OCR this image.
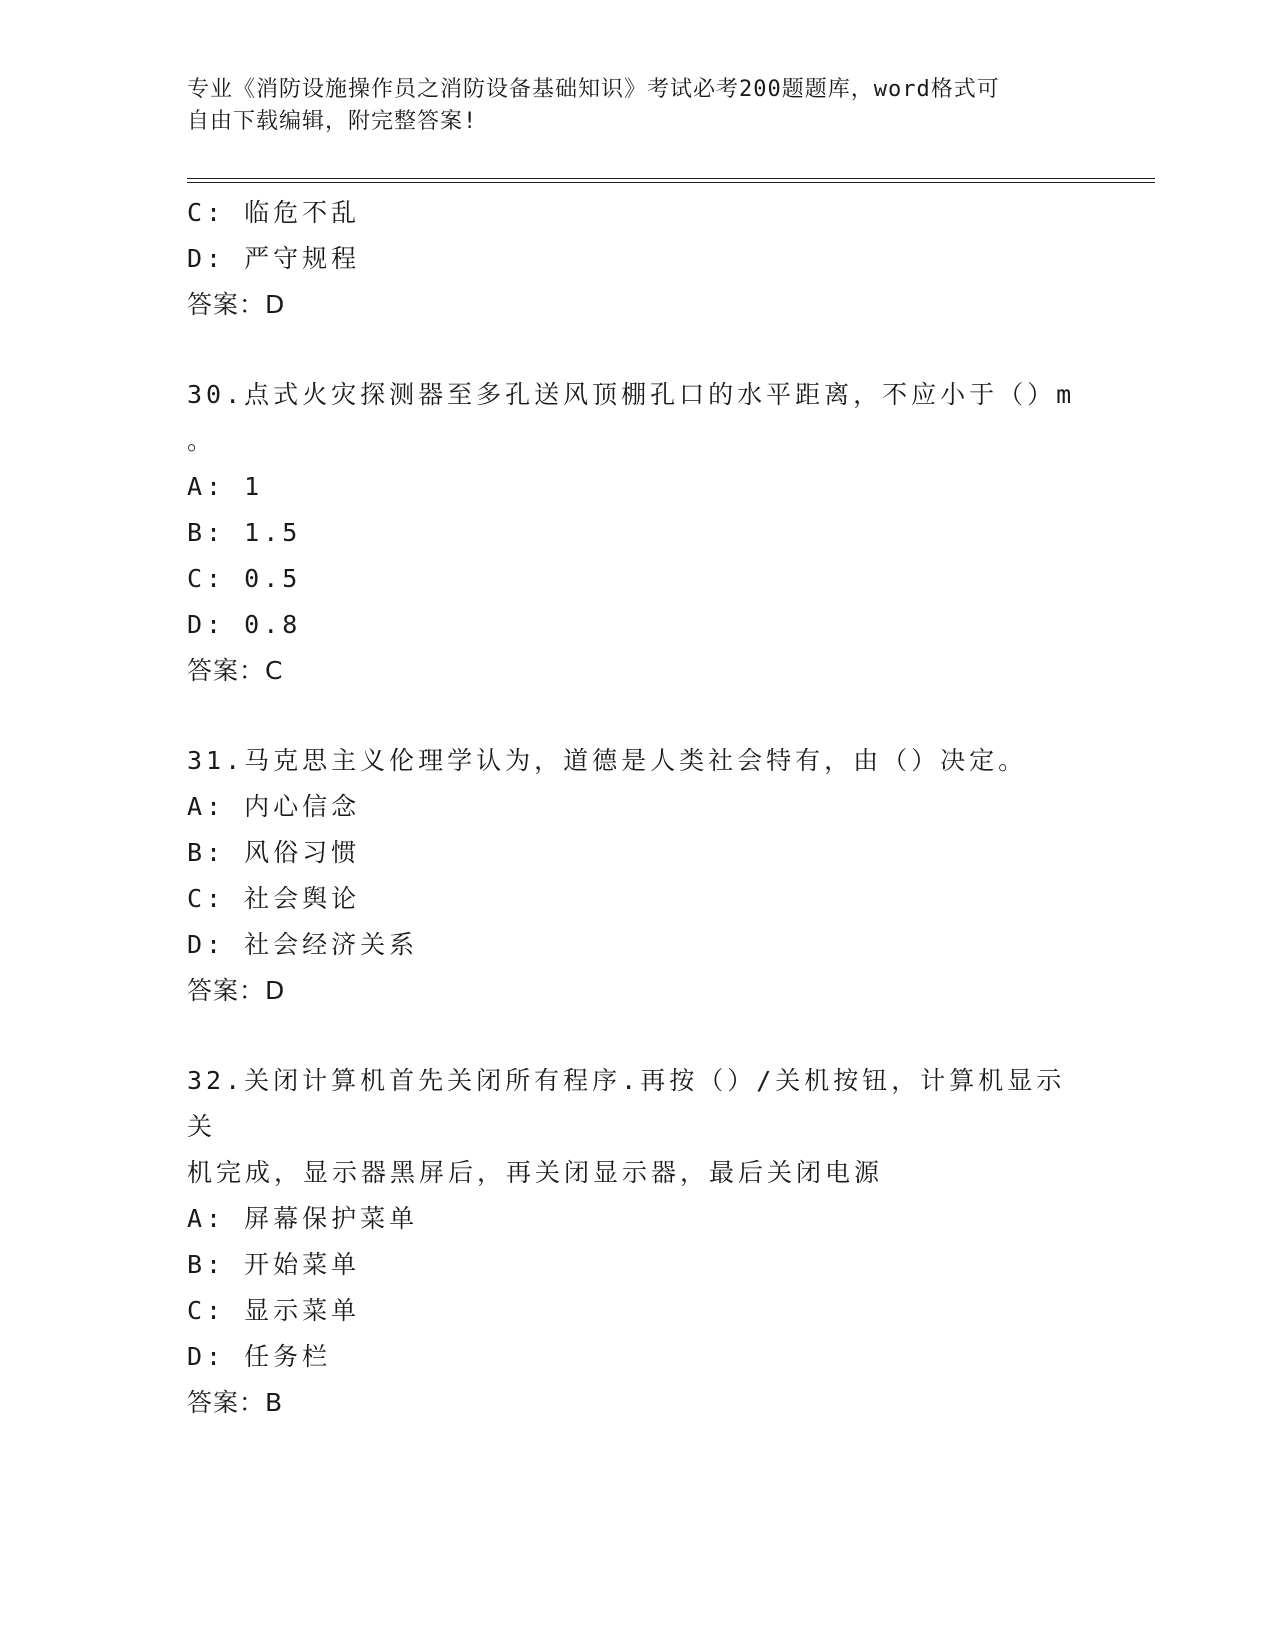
专业《消防设施操作员之消防设备基础知识》考试必考200题题库，word格式可
自由下载编辑，附完整答案!
C: 临危不乱
D: 严守规程
答案：D
30.点式火灾探测器至多孔送风顶棚孔口的水平距离，不应小于（）m
。
A: 1
B: 1.5
C: 0.5
D: 0.8
答案：C
31.马克思主义伦理学认为，道德是人类社会特有，由（）决定。
A: 内心信念
B: 风俗习惯
C: 社会舆论
D: 社会经济关系
答案：D
32.关闭计算机首先关闭所有程序.再按（）/关机按钮，计算机显示关
机完成，显示器黑屏后，再关闭显示器，最后关闭电源
A: 屏幕保护菜单
B: 开始菜单
C: 显示菜单
D: 任务栏
答案：B
